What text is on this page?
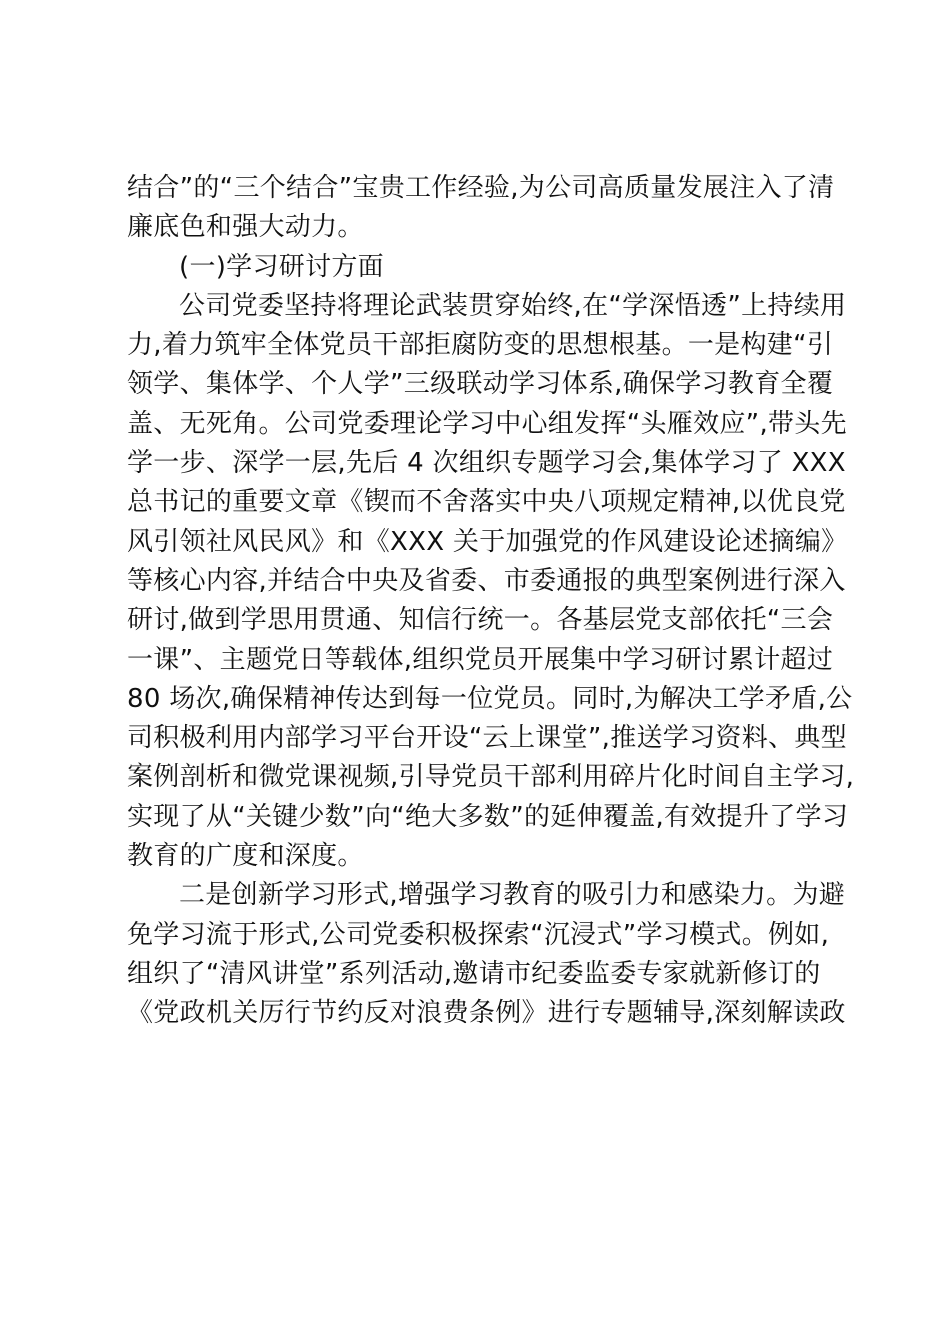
结合”的“三个结合”宝贵工作经验,为公司高质量发展注入了清
廉底色和强大动力。
(一)学习研讨方面
公司党委坚持将理论武装贯穿始终,在“学深悟透”上持续用
力,着力筑牢全体党员干部拒腐防变的思想根基。一是构建“引
领学、集体学、个人学”三级联动学习体系,确保学习教育全覆
盖、无死角。公司党委理论学习中心组发挥“头雁效应”,带头先
学一步、深学一层,先后 4 次组织专题学习会,集体学习了 XXX
总书记的重要文章《锲而不舍落实中央八项规定精神,以优良党
风引领社风民风》和《XXX 关于加强党的作风建设论述摘编》
等核心内容,并结合中央及省委、市委通报的典型案例进行深入
研讨,做到学思用贯通、知信行统一。各基层党支部依托“三会
一课”、主题党日等载体,组织党员开展集中学习研讨累计超过
80 场次,确保精神传达到每一位党员。同时,为解决工学矛盾,公
司积极利用内部学习平台开设“云上课堂”,推送学习资料、典型
案例剖析和微党课视频,引导党员干部利用碎片化时间自主学习,
实现了从“关键少数”向“绝大多数”的延伸覆盖,有效提升了学习
教育的广度和深度。
二是创新学习形式,增强学习教育的吸引力和感染力。为避
免学习流于形式,公司党委积极探索“沉浸式”学习模式。例如,
组织了“清风讲堂”系列活动,邀请市纪委监委专家就新修订的
《党政机关厉行节约反对浪费条例》进行专题辅导,深刻解读政
